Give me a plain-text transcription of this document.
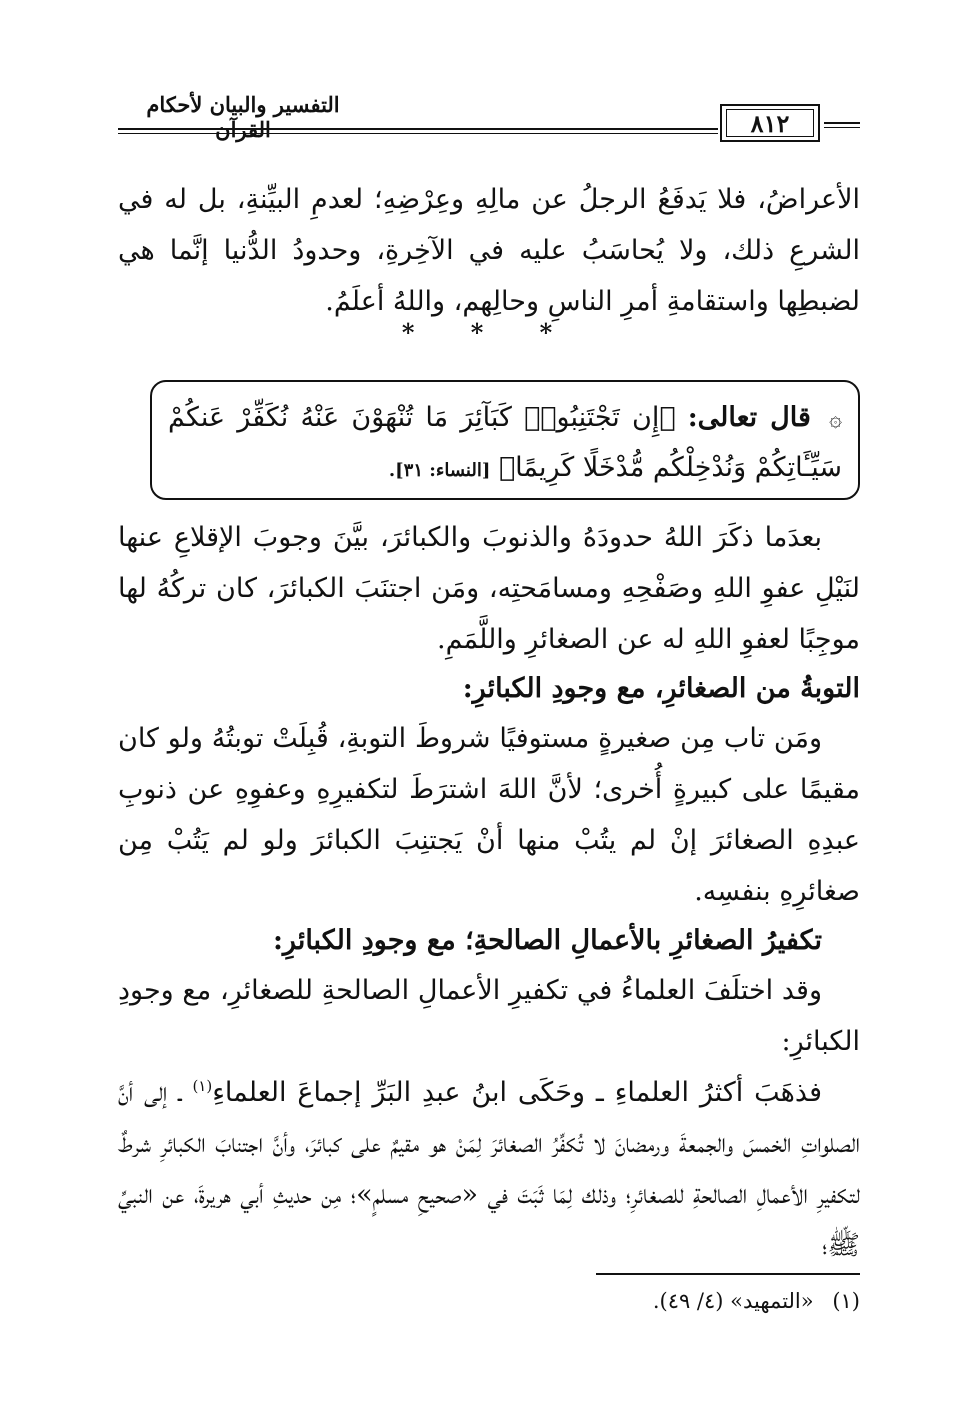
التفسير والبيان لأحكام القرآن	٨١٢

الأعراضُ، فلا يَدفَعُ الرجلُ عن مالِهِ وعِرْضِهِ؛ لعدمِ البيِّنةِ، بل له في الشرعِ ذلك، ولا يُحاسَبُ عليه في الآخِرةِ، وحدودُ الدُّنيا إنَّما هي لضبطِها واستقامةِ أمرِ الناسِ وحالِهم، واللهُ أعلَمُ.

* * *

۞ قال تعالى: ﴿إِن تَجْتَنِبُوا۟ كَبَآئِرَ مَا تُنْهَوْنَ عَنْهُ نُكَفِّرْ عَنكُمْ سَيِّـَٔاتِكُمْ وَنُدْخِلْكُم مُّدْخَلًا كَرِيمًا﴾ [النساء: ٣١].

بعدَما ذكَرَ اللهُ حدودَهُ والذنوبَ والكبائرَ، بيَّنَ وجوبَ الإقلاعِ عنها لنَيْلِ عفوِ اللهِ وصَفْحِهِ ومسامَحتِه، ومَن اجتنَبَ الكبائرَ، كان تركُهُ لها موجِبًا لعفوِ اللهِ له عن الصغائرِ واللَّمَمِ.

التوبةُ من الصغائرِ، مع وجودِ الكبائرِ:

ومَن تاب مِن صغيرةٍ مستوفيًا شروطَ التوبةِ، قُبِلَتْ توبتُهُ ولو كان مقيمًا على كبيرةٍ أُخرى؛ لأنَّ اللهَ اشترَطَ لتكفيرِهِ وعفوِهِ عن ذنوبِ عبدِهِ الصغائرَ إنْ لم يتُبْ منها أنْ يَجتنِبَ الكبائرَ ولو لم يَتُبْ مِن صغائرِهِ بنفسِه.

تكفيرُ الصغائرِ بالأعمالِ الصالحةِ؛ مع وجودِ الكبائرِ:

وقد اختلَفَ العلماءُ في تكفيرِ الأعمالِ الصالحةِ للصغائرِ، مع وجودِ الكبائرِ:

فذهَبَ أكثرُ العلماءِ ـ وحَكَى ابنُ عبدِ البَرِّ إجماعَ العلماءِ$^{(١)}$ ـ إلى أنَّ الصلواتِ الخمسَ والجمعةَ ورمضانَ لا تُكفِّرُ الصغائرَ لِمَنْ هو مقيمٌ على كبائرَ، وأنَّ اجتنابَ الكبائرِ شرطٌ لتكفيرِ الأعمالِ الصالحةِ للصغائرِ؛ وذلك لِمَا ثَبَتَ في «صحيحِ مسلمٍ»؛ مِن حديثِ أبي هريرةَ، عن النبيِّ ﷺ؛

(١) «التمهيد» (٤/ ٤٩).
